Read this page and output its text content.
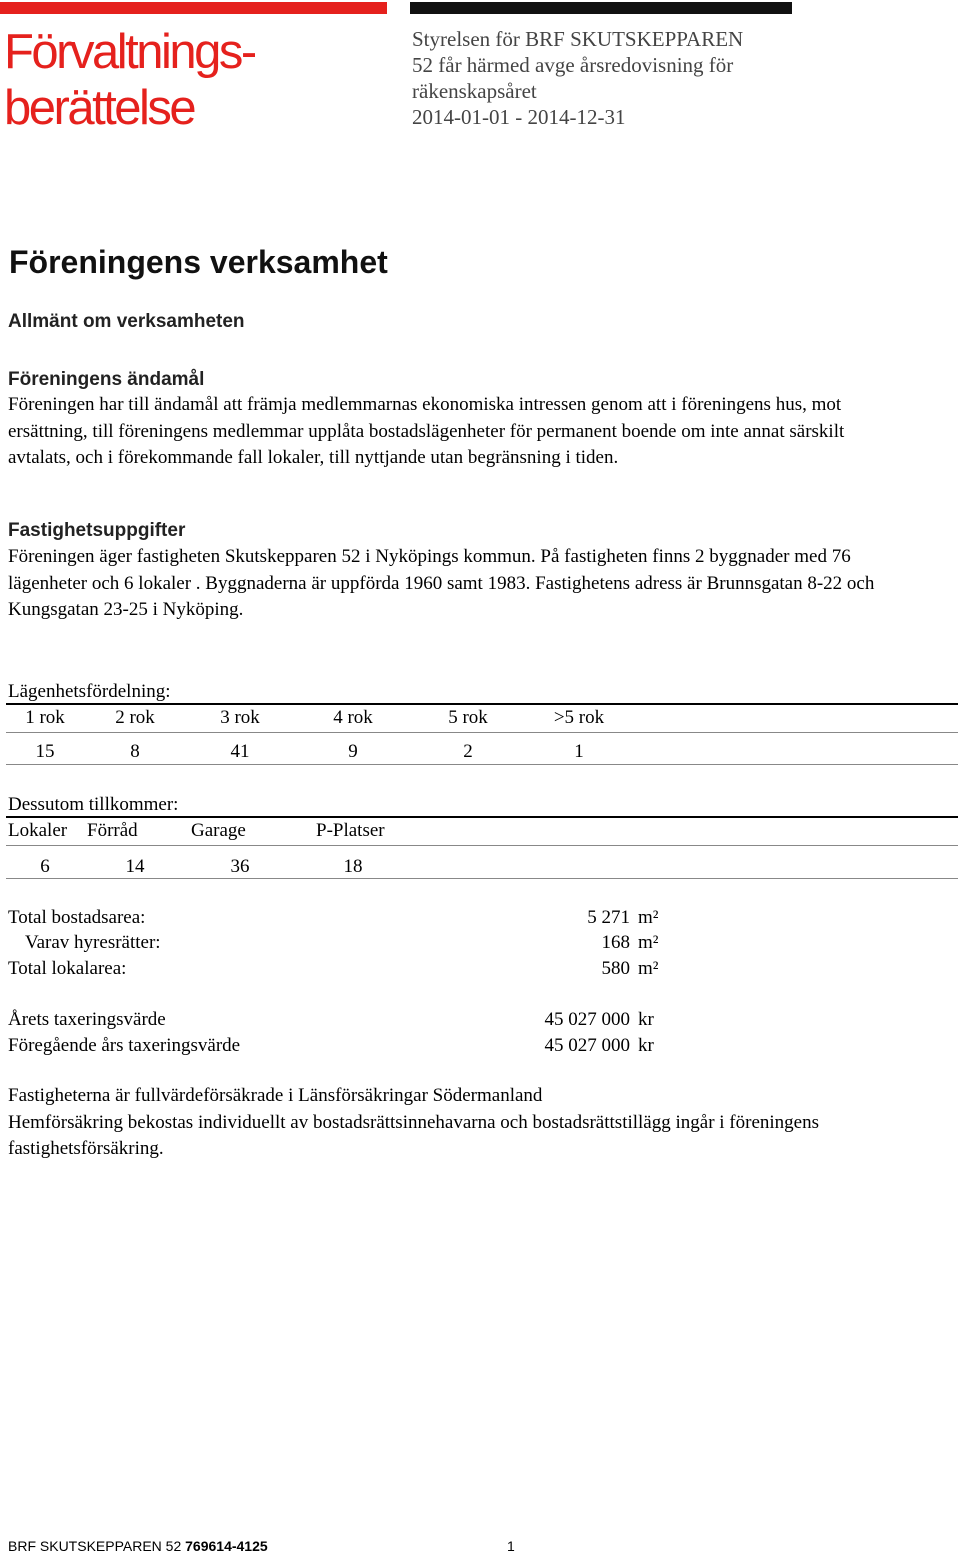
Förvaltnings-
berättelse
Styrelsen för BRF SKUTSKEPPAREN
52 får härmed avge årsredovisning för
räkenskapsåret
2014-01-01 - 2014-12-31
Föreningens verksamhet
Allmänt om verksamheten
Föreningens ändamål
Föreningen har till ändamål att främja medlemmarnas ekonomiska intressen genom att i föreningens hus, mot
ersättning, till föreningens medlemmar upplåta bostadslägenheter för permanent boende om inte annat särskilt
avtalats, och i förekommande fall lokaler, till nyttjande utan begränsning i tiden.
Fastighetsuppgifter
Föreningen äger fastigheten Skutskepparen 52 i Nyköpings kommun. På fastigheten finns 2 byggnader med 76
lägenheter och 6 lokaler . Byggnaderna är uppförda 1960 samt 1983. Fastighetens adress är Brunnsgatan 8-22 och
Kungsgatan 23-25 i Nyköping.
Lägenhetsfördelning:
1 rok	2 rok	3 rok	4 rok	5 rok	>5 rok
15	8	41	9	2	1
Dessutom tillkommer:
Lokaler	Förråd	Garage	P-Platser
6	14	36	18
Total bostadsarea:	5 271 m²
Varav hyresrätter:	168 m²
Total lokalarea:	580 m²
Årets taxeringsvärde	45 027 000 kr
Föregående års taxeringsvärde	45 027 000 kr
Fastigheterna är fullvärdeförsäkrade i Länsförsäkringar Södermanland
Hemförsäkring bekostas individuellt av bostadsrättsinnehavarna och bostadsrättstillägg ingår i föreningens
fastighetsförsäkring.
BRF SKUTSKEPPAREN 52 769614-4125	1
